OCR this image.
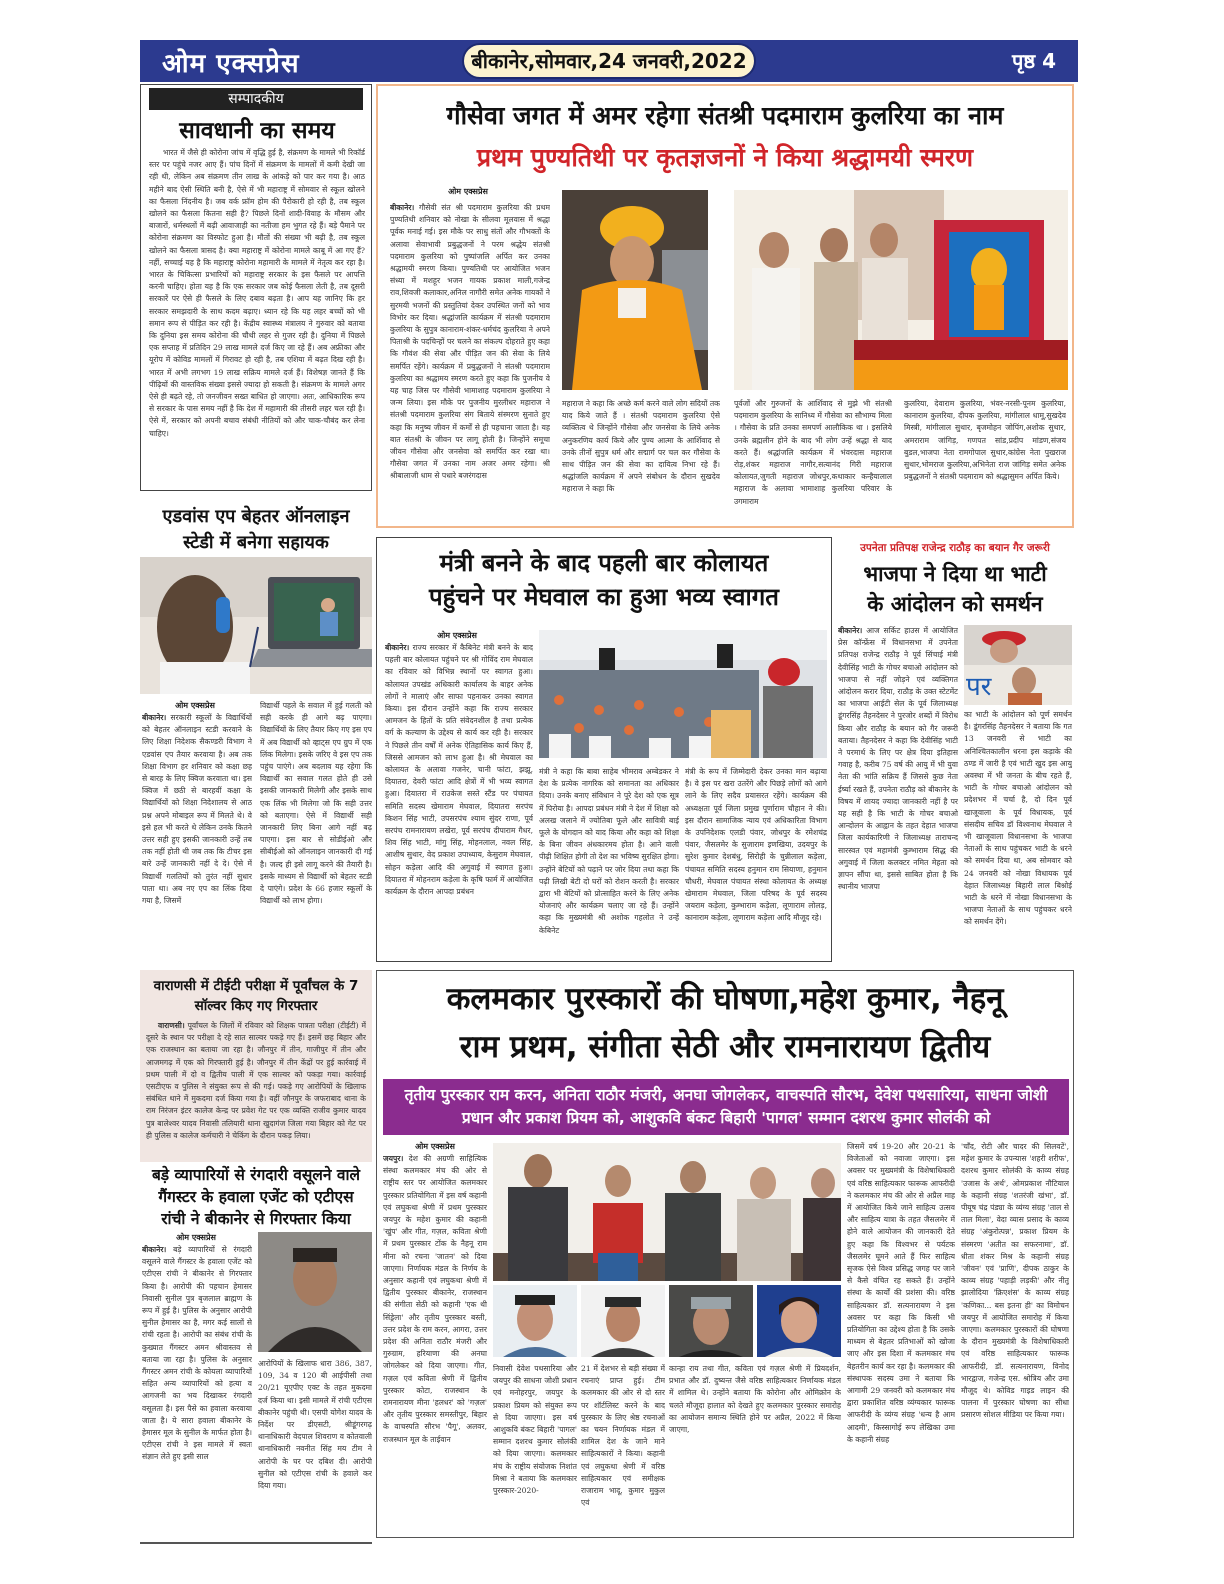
ओम एक्सप्रेस	बीकानेर,सोमवार,24 जनवरी,2022	पृष्ठ 4
सम्पादकीय
सावधानी का समय
भारत में जैसे ही कोरोना जांच में वृद्धि हुई है, संक्रमण के मामले भी रिकॉर्ड स्तर पर पहुंचे नजर आए हैं। पांच दिनों में संक्रमण के मामलों में कमी देखी जा रही थी, लेकिन अब संक्रमण तीन लाख के आंकड़े को पार कर गया है। आठ महीने बाद ऐसी स्थिति बनी है, ऐसे में भी महाराष्ट्र में सोमवार से स्कूल खोलने का फैसला निंदनीय है। जब वर्क फ्रॉम होम की पैरोकारी हो रही है, तब स्कूल खोलने का फैसला कितना सही है? पिछले दिनों शादी-विवाह के मौसम और बाजारों, धर्मस्थलों में बढ़ी आवाजाही का नतीजा हम भुगत रहे हैं। बड़े पैमाने पर कोरोना संक्रमण का विस्फोट हुआ है। मौतों की संख्या भी बढ़ी है, तब स्कूल खोलने का फैसला त्रासद है। क्या महाराष्ट्र में कोरोना मामले काबू में आ गए हैं? नहीं, सच्चाई यह है कि महाराष्ट्र कोरोना महामारी के मामले में नेतृत्व कर रहा है। भारत के चिकित्सा प्रभारियों को महाराष्ट्र सरकार के इस फैसले पर आपत्ति करनी चाहिए। होता यह है कि एक सरकार जब कोई फैसला लेती है, तब दूसरी सरकारें पर ऐसे ही फैसले के लिए दबाव बढ़ता है। आप यह जानिए कि हर सरकार समझदारी के साथ कदम बढ़ाए। ध्यान रहे कि यह लहर बच्चों को भी समान रूप से पीड़ित कर रही है। केंद्रीय स्वास्थ्य मंत्रालय ने गुरुवार को बताया कि दुनिया इस समय कोरोना की चौथी लहर से गुजर रही है। दुनिया में पिछले एक सप्ताह में प्रतिदिन 29 लाख मामले दर्ज किए जा रहे हैं। अब अफ्रीका और यूरोप में कोविड मामलों में गिरावट हो रही है, तब एशिया में बढ़त दिख रही है। भारत में अभी लगभग 19 लाख सक्रिय मामले दर्ज हैं। विशेषज्ञ जानते हैं कि पीढ़ियों की वास्तविक संख्या इससे ज्यादा हो सकती है। संक्रमण के मामले अगर ऐसे ही बढ़ते रहे, तो जनजीवन सख्त बाधित हो जाएगा। अतः, आधिकारिक रूप से सरकार के पास समय नहीं है कि देश में महामारी की तीसरी लहर चल रही है। ऐसे में, सरकार को अपनी बचाव संबंधी नीतियों को और चाक-चौबंद कर लेना चाहिए।
एडवांस एप बेहतर ऑनलाइन
स्टेडी में बनेगा सहायक
ओम एक्सप्रेस
बीकानेर। सरकारी स्कूलों के विद्यार्थियों को बेहतर ऑनलाइन स्टडी करवाने के लिए शिक्षा निदेशक सैकण्डरी विभाग ने एडवांस एप तैयार करवाया है। अब तक शिक्षा विभाग हर शनिवार को कक्षा छह से बारह के लिए क्विज करवाता था। इस क्विज में छठी से बारहवीं कक्षा के विद्यार्थियों को शिक्षा निदेशालय से आठ प्रश्न अपने मोबाइल रूप में मिलते थे। वे इसे हल भी करते थे लेकिन उनके कितने उत्तर सही हुए इसकी जानकारी उन्हें तब तक नहीं होती थी जब तक कि टीचर इस बारे उन्हें जानकारी नहीं दे दे। ऐसे में विद्यार्थी गलतियों को तुरंत नहीं सुधार पाता था। अब नए एप का लिंक दिया गया है, जिसमें
विद्यार्थी पहले के सवाल में हुई गलती को सही करके ही आगे बढ़ पाएगा। विद्यार्थियों के लिए तैयार किए गए इस एप में अब विद्यार्थी को व्हाट्स एप ग्रुप में एक लिंक मिलेगा। इसके जरिए वे इस एप तक पहुंच पाएंगे। अब बदलाव यह रहेगा कि विद्यार्थी का सवाल गलत होते ही उसे इसकी जानकारी मिलेगी और इसके साथ एक लिंक भी मिलेगा जो कि सही उत्तर को बताएगा। ऐसे में विद्यार्थी सही जानकारी लिए बिना आगे नहीं बढ़ पाएगा। इस बार से सोडीईओ और सीबीईओ को ऑनलाइन जानकारी दी गई है। जल्द ही इसे लागू करने की तैयारी है। इसके माध्यम से विद्यार्थी को बेहतर स्टडी दे पाएंगे। प्रदेश के 66 हजार स्कूलों के विद्यार्थी को लाभ होगा।
गौसेवा जगत में अमर रहेगा संतश्री पदमाराम कुलरिया का नाम
प्रथम पुण्यतिथी पर कृतज्ञजनों ने किया श्रद्धामयी स्मरण
ओम एक्सप्रेस
बीकानेर। गौसेवी संत श्री पदमाराम कुलरिया की प्रथम पुण्यतिथी शनिवार को नोखा के सीलवा मूलवास में श्रद्धा पूर्वक मनाई गई। इस मौके पर साधु संतों और गौभक्तों के अलावा सेवाभावी प्रबुद्धजनों ने परम श्रद्धेय संतश्री पदमाराम कुलरिया को पुष्पांजलि अर्पित कर उनका श्रद्धामयी स्मरण किया। पुण्यतिथी पर आयोजित भजन संध्या में मशहूर भजन गायक प्रकाश माली,गजेन्द्र राव,शिवजी कलाकार,अनिल नागौरी समेत अनेक गायकों ने सुरमयी भजनों की प्रस्तुतियां देकर उपस्थित जनों को भाव विभोर कर दिया। श्रद्धांजलि कार्यक्रम में संतश्री पदमाराम कुलरिया के सुपुत्र कानाराम-शंकर-धर्मचंद कुलरिया ने अपने पिताश्री के पदचिन्हों पर चलने का संकल्प दोहराते हुए कहा कि गौवंश की सेवा और पीड़ित जन की सेवा के लिये समर्पित रहेंगे। कार्यक्रम में प्रबुद्धजनों ने संतश्री पदमाराम कुलरिया का श्रद्धामय स्मरण करते हुए कहा कि पुजनीय वे यह चाह जिस पर गौसेवी भामाशाह पदमाराम कुलरिया ने जन्म लिया। इस मौके पर पुजनीय मुरलीधर महाराज ने संतश्री पदमाराम कुलरिया संग बिताये संस्मरण सुनाते हुए कहा कि मनुष्य जीवन में कर्मों से ही पहचाना जाता है। यह बात संतश्री के जीवन पर लागू होती है। जिन्होंने समूचा जीवन गौसेवा और जनसेवा को समर्पित कर रखा था। गौसेवा जगत में उनका नाम अजर अमर रहेगा। श्री श्रीबालाजी धाम से पधारे बजरंगदास
महाराज ने कहा कि अच्छे कर्म करने वाले लोग सदियों तक याद किये जाते हैं । संतश्री पदमाराम कुलरिया ऐसे व्यक्तित्व थे जिन्होंने गौसेवा और जनसेवा के लिये अनेक अनुकरणिय कार्य किये और पुण्य आत्मा के आर्शिवाद से उनके तीनों सुपुत्र धर्म और सद्मार्ग पर चल कर गौसेवा के साथ पीड़ित जन की सेवा का दायित्व निभा रहे हैं। श्रद्धांजलि कार्यक्रम में अपने संबोधन के दौरान सुखदेव महाराज ने कहा कि
पूर्वजों और गुरुजनों के आर्शिवाद से मुझे भी संतश्री पदमाराम कुलरिया के सानिध्य में गौसेवा का सौभाग्य मिला । गौसेवा के प्रति उनका समपर्ण आलौकिक था । इसलिये उनके ब्रह्मलीन होने के बाद भी लोग उन्हें श्रद्धा से याद करते हैं। श्रद्धांजलि कार्यक्रम में भंवरदास महाराज रोड़,शंकर महाराज नागौर,सत्यानंद गिरी महाराज कोलायत,जुगती महाराज जोधपुर,कथाकार कन्हैयालाल महाराज के अलावा भामाशाह कुलरिया परिवार के उगमाराम
कुलरिया, देवाराम कुलरिया, भंवर-नरसी-पूनम कुलरिया, कानाराम कुलरिया, दीपक कुलरिया, मांगीलाल धामू,सुखदेव मिस्त्री, मांगीलाल सुथार, बृजमोहन जोपिंग,अशोक सुथार, अमराराम जांगिड़, गणपत सांड,प्रदीप मांडण,संजय बुडल,भाजपा नेता रामगोपाल सुथार,कांग्रेस नेता पुखराज सुथार,भोमराज कुलरिया,अभिनेता राज जांगिड़ समेत अनेक प्रबुद्धजनों ने संतश्री पदमाराम को श्रद्धासुमन अर्पित किये।
मंत्री बनने के बाद पहली बार कोलायत
पहुंचने पर मेघवाल का हुआ भव्य स्वागत
ओम एक्सप्रेस
बीकानेर। राज्य सरकार में कैबिनेट मंत्री बनने के बाद पहली बार कोलायत पहुंचने पर श्री गोविंद राम मेघवाल का रविवार को विभिन्न स्थानों पर स्वागत हुआ। कोलायत उपखंड अधिकारी कार्यालय के बाहर अनेक लोगों ने मालाएं और साफा पहनाकर उनका स्वागत किया। इस दौरान उन्होंने कहा कि राज्य सरकार आमजन के हितों के प्रति संवेदनशील है तथा प्रत्येक वर्ग के कल्याण के उद्देश्य से कार्य कर रही है। सरकार ने पिछले तीन वर्षों में अनेक ऐतिहासिक कार्य किए हैं, जिससे आमजन को लाभ हुआ है। श्री मेघवाल का कोलायत के अलावा गजनेर, चानी फांटा, झझू, दियातरा, देवरी फांटा आदि क्षेत्रों में भी भव्य स्वागत हुआ। दियातरा में राउकेज सस्ते स्टैंड पर पंचायत समिति सदस्य खेमाराम मेघवाल, दियातरा सरपंच किशन सिंह भाटी, उपसरपंच श्याम सुंदर राणा, पूर्व सरपंच रामनारायण लखेरा, पूर्व सरपंच दीपाराम गैधर, शिव सिंह भाटी, मांगु सिंह, मोहनलाल, नवल सिंह, आशीष सुथार, वेद प्रकाश उपाध्याय, केसुराम मेघवाल, सोहन कड़ेला आदि की अगुवाई में स्वागत हुआ। दियातरा में मोहनराम कड़ेला के कृषि फार्म में आयोजित कार्यक्रम के दौरान आपदा प्रबंधन
मंत्री ने कहा कि बाबा साहेब भीमराव अम्बेडकर ने देश के प्रत्येक नागरिक को समानता का अधिकार दिया। उनके बनाए संविधान ने पूरे देश को एक सूत्र में पिरोया है। आपदा प्रबंधन मंत्री ने देश में शिक्षा को अलख जलाने में ज्योतिबा फूले और सावित्री बाई फूले के योगदान को याद किया और कहा को शिक्षा के बिना जीवन अंधकारमय होता है। आने वाली पीढ़ी शिक्षित होगी तो देश का भविष्य सुरक्षित होगा। उन्होंने बेटियों को पढ़ाने पर जोर दिया तथा कहा कि पढ़ी लिखी बेटी दो घरों को रोशन करती है। सरकार द्वारा भी बेटियों को प्रोत्साहित करने के लिए अनेक योजनाएं और कार्यक्रम चलाए जा रहे हैं। उन्होंने कहा कि मुख्यमंत्री श्री अशोक गहलोत ने उन्हें केबिनेट
मंत्री के रूप में जिम्मेदारी देकर उनका मान बढ़ाया है। वे इस पर खरा उतरेंगे और पिछड़े लोगों को आगे लाने के लिए सदैव प्रयासरत रहेंगे। कार्यक्रम की अध्यक्षता पूर्व जिला प्रमुख पूर्णाराम चौहान ने की। इस दौरान सामाजिक न्याय एवं अधिकारिता विभाग के उपनिदेशक एलडी पंवार, जोधपुर के रमेशचंद्र पंवार, जैसलमेर के सुजाराम इणखिया, उदयपुर के सुरेश कुमार देशबंधु, सिरोही के चुन्नीलाल कड़ेला, पंचायत समिति सदस्य हनुमान राम सियाणा, हनुमान चौधरी, मेघवाल पंचायत संस्था कोलायत के अध्यक्ष खेमाराम मेघवाल, जिला परिषद के पूर्व सदस्य जयराम कड़ेला, कुम्भाराम कड़ेला, लूणाराम लोलड़, कानाराम कड़ेला, लूणाराम कड़ेला आदि मौजूद रहे।
उपनेता प्रतिपक्ष राजेन्द्र राठौड़ का बयान गैर जरूरी
भाजपा ने दिया था भाटी
के आंदोलन को समर्थन
बीकानेर। आज सर्किट हाउस में आयोजित प्रेस कॉन्फ्रेंस में विधानसभा में उपनेता प्रतिपक्ष राजेन्द्र राठौड़ ने पूर्व सिंचाई मंत्री देवीसिंह भाटी के गोचर बचाओ आंदोलन को भाजपा से नहीं जोड़ने एवं व्यक्तिगत आंदोलन करार दिया, राठौड़ के उक्त स्टेटमेंट का भाजपा आईटी सेल के पूर्व जिलाध्यक्ष डूंगरसिंह तैहनदेसर ने पुरजोर शब्दों में विरोध किया और राठौड़ के बयान को गैर जरूरी बताया। तैहनदेसर ने कहा कि देवीसिंह भाटी ने परमार्थ के लिए पर क्षेत्र दिया इतिहास गवाह है, करीब 75 वर्ष की आयु में भी युवा नेता की भांति सक्रिय हैं जिससे कुछ नेता ईर्ष्या रखते हैं, उपनेता राठौड़ को बीकानेर के विषय में शायद ज्यादा जानकारी नहीं है पर यह सही है कि भाटी के गोचर बचाओ आन्दोलन के आह्वान के तहत देहात भाजपा जिला कार्यकारिणी ने जिलाध्यक्ष ताराचन्द सारस्वत एवं महामंत्री कुम्भाराम सिद्ध की अगुवाई में जिला कलक्टर नमित मेहता को ज्ञापन सौंपा था, इससे साबित होता है कि स्थानीय भाजपा
पर
का भाटी के आंदोलन को पूर्ण समर्थन है। डूंगरसिंह तैहनदेसर ने बताया कि गत 13 जनवरी से भाटी का अनिश्चितकालीन धरना इस कड़ाके की ठण्ड में जारी है एवं भाटी खुद इस आयु अवस्था में भी जनता के बीच रहते हैं, भाटी के गोचर बचाओ आंदोलन को प्रदेशभर में चर्चा है, दो दिन पूर्व खाजूवाला के पूर्व विधायक, पूर्व संसदीय सचिव डॉ विश्वनाथ मेघवाल ने भी खाजूवाला विधानसभा के भाजपा नेताओं के साथ पहुंचकर भाटी के धरने को समर्थन दिया था, अब सोमवार को 24 जनवरी को नोखा विधायक पूर्व देहात जिलाध्यक्ष बिहारी लाल बिश्नोई भाटी के धरने में नोखा विधानसभा के भाजपा नेताओं के साथ पहुंचकर धरने को समर्थन देंगे।
वाराणसी में टीईटी परीक्षा में पूर्वांचल के 7
सॉल्वर किए गए गिरफ्तार
वाराणसी। पूर्वांचल के जिलों में रविवार को शिक्षक पात्रता परीक्षा (टीईटी) में दूसरे के स्थान पर परीक्षा दे रहे सात साल्वर पकड़े गए हैं। इसमें छह बिहार और एक राजस्थान का बताया जा रहा है। जौनपुर में तीन, गाजीपुर में तीन और आजमगढ़ में एक को गिरफ्तारी हुई है। जौनपुर में तीन केंद्रों पर हुई कार्रवाई में प्रथम पाली में दो व द्वितीय पाली में एक साल्वर को पकड़ा गया। कार्रवाई एसटीएफ व पुलिस ने संयुक्त रूप से की गई। पकड़े गए आरोपियों के खिलाफ संबंधित थाने में मुकदमा दर्ज किया गया है। वहीं जौनपुर के जफराबाद थाना के राम निरंजन इंटर कालेज केन्द्र पर प्रवेश गेट पर एक व्यक्ति राजीव कुमार यादव पुत्र बालेश्वर यादव निवासी तलियारी थाना खुदागंज जिला गया बिहार को गेट पर ही पुलिस व कालेज कर्मचारी ने चेकिंग के दौरान पकड़ लिया।
बड़े व्यापारियों से रंगदारी वसूलने वाले
गैंगस्टर के हवाला एजेंट को एटीएस
रांची ने बीकानेर से गिरफ्तार किया
ओम एक्सप्रेस
बीकानेर। बड़े व्यापारियों से रंगदारी वसूलने वाले गैंगस्टर के हवाला एजेंट को एटीएस रांची ने बीकानेर से गिरफ्तार किया है। आरोपी की पहचान हेमासर निवासी सुनील पुत्र बृजलाल ब्राह्मण के रूप में हुई है। पुलिस के अनुसार आरोपी सुनील हेमासर का है, मगर कई सालों से रांची रहता है। आरोपी का संबंध रांची के कुख्यात गैंगस्टर अमन श्रीवास्तव से बताया जा रहा है। पुलिस के अनुसार गैंगस्टर अमन रांची के कोयला व्यापारियों सहित अन्य व्यापारियों को हत्या व आगजनी का भय दिखाकर रंगदारी वसूलता है। इस पैसे का हवाला करवाया जाता है। ये सारा हवाला बीकानेर के हेमासर मूल के सुनील के मार्फत होता है। एटीएस रांची ने इस मामले में स्वतः संज्ञान लेते हुए इसी साल
आरोपियों के खिलाफ धारा 386, 387, 109, 34 व 120 बी आईपीसी तथा 20/21 यूएपीए एक्ट के तहत मुकदमा दर्ज किया था। इसी मामले में रांची एटीएस बीकानेर पहुंची थी। एसपी योगेश यादव के निर्देश पर डीएसटी, श्रीडूंगरगढ़ थानाधिकारी वेदपाल शिवराण व कोतवाली थानाधिकारी नवनीत सिंह मय टीम ने आरोपी के घर पर दबिश दी। आरोपी सुनील को एटीएस रांची के हवाले कर दिया गया।
कलमकार पुरस्कारों की घोषणा,महेश कुमार, नैहनू
राम प्रथम, संगीता सेठी और रामनारायण द्वितीय
तृतीय पुरस्कार राम करन, अनिता राठौर मंजरी, अनघा जोगलेकर, वाचस्पति सौरभ, देवेश पथसारिया, साधना जोशी प्रधान और प्रकाश प्रियम को, आशुकवि बंकट बिहारी 'पागल' सम्मान दशरथ कुमार सोलंकी को
ओम एक्सप्रेस
जयपुर। देश की अग्रणी साहित्यिक संस्था कलमकार मंच की ओर से राष्ट्रीय स्तर पर आयोजित कलमकार पुरस्कार प्रतियोगिता में इस वर्ष कहानी एवं लघुकथा श्रेणी में प्रथम पुरस्कार जयपुर के महेश कुमार की कहानी 'खुंप' और गीत, गज़ल, कविता श्रेणी में प्रथम पुरस्कार टोंक के नैहनू राम मीना को रचना 'जातन' को दिया जाएगा। निर्णायक मंडल के निर्णय के अनुसार कहानी एवं लघुकथा श्रेणी में द्वितीय पुरस्कार बीकानेर, राजस्थान की संगीता सेठी को कहानी 'एक थी सिंड्रेला' और तृतीय पुरस्कार बस्ती, उत्तर प्रदेश के राम करन, आगरा, उत्तर प्रदेश की अनिता राठौर मंजरी और गुरुग्राम, हरियाणा की अनघा जोगलेकर को दिया जाएगा। गीत, गज़ल एवं कविता श्रेणी में द्वितीय पुरस्कार कोटा, राजस्थान के रामनारायण मीना 'हलधर' को 'गज़ल' और तृतीय पुरस्कार समस्तीपुर, बिहार के वाचस्पति सौरभ 'पैगू', अलवर, राजस्थान मूल के ताईवान
निवासी देवेश पथसारिया और जयपुर की साधना जोशी प्रधान एवं मनोहरपुर, जयपुर के प्रकाश प्रियम को संयुक्त रूप से दिया जाएगा। इस वर्ष आशुकवि बंकट बिहारी 'पागल' सम्मान दशरथ कुमार सोलंकी को दिया जाएगा। कलमकार मंच के राष्ट्रीय संयोजक निशांत मिश्रा ने बताया कि कलमकार पुरस्कार-2020-
21 में देशभर से बड़ी संख्या में रचनाएं प्राप्त हुई। टीम कलमकार की ओर से दो स्तर पर शॉर्टलिस्ट करने के बाद पुरस्कार के लिए श्रेष्ठ रचनाओं का चयन निर्णायक मंडल में शामिल देश के जाने माने साहित्यकारों ने किया। कहानी एवं लघुकथा श्रेणी में वरिष्ठ साहित्यकार एवं समीक्षक राजाराम भादू, कुमार मुकुल एवं
कान्हा राय तथा गीत, कविता एवं गज़ल श्रेणी में प्रियदर्शन, प्रभात और डॉ. दुष्यन्त जैसे वरिष्ठ साहित्यकार निर्णायक मंडल में शामिल थे। उन्होंने बताया कि कोरोना और ओमिक्रोन के चलते मौजूदा हालात को देखते हुए कलमकार पुरस्कार समारोह का आयोजन समान्य स्थिति होने पर अप्रैल, 2022 में किया जाएगा,
जिसमें वर्ष 19-20 और 20-21 के विजेताओं को नवाजा जाएगा। इस अवसर पर मुख्यमंत्री के विशेषाधिकारी एवं वरिष्ठ साहित्यकार फारूक आफरीदी ने कलमकार मंच की ओर से अप्रैल माह में आयोजित किये जाने साहित्य उत्सव और साहित्य यात्रा के तहत जैसलमेर में होने वाले आयोजन की जानकारी देते हुए कहा कि विश्वभर से पर्यटक जैसलमेर घूमने आते हैं फिर साहित्य सृजक ऐसे विश्व प्रसिद्ध जगह पर जाने से कैसे वंचित रह सकते हैं। उन्होंने संस्था के कार्यों की प्रशंसा की। वरिष्ठ साहित्यकार डॉ. सत्यनारायण ने इस अवसर पर कहा कि किसी भी प्रतियोगिता का उद्देश्य होता है कि उसके माध्यम से बेहतर प्रतिभाओं को खोजा जाए और इस दिशा में कलमकार मंच बेहतरीन कार्य कर रहा है। कलमकार की संस्थापक सदस्य उमा ने बताया कि आगामी 29 जनवरी को कलमकार मंच द्वारा प्रकाशित वरिष्ठ व्यंग्यकार फारूक आफरीदी के व्यंग्य संग्रह 'धन्य है आम आदमी', किस्सागोई रूप लेखिका उमा के कहानी संग्रह
'चाँद, रोटी और चादर की सिलवटें', महेश कुमार के उपन्यास 'शहरी शरीफ', दशरथ कुमार सोलंकी के काव्य संग्रह 'उजास के अर्थ', ओमप्रकाश नौटियाल के कहानी संग्रह 'शतरंजी खंभा', डॉ. पीयूष चंद्र पंड्या के व्यंग्य संग्रह 'ताल से ताल मिला', वेदा व्यास प्रसाद के काव्य संग्रह 'अंकुरोत्पन्न', प्रकाश प्रियम के संस्मरण 'अतीत का सफरनामा', डॉ. धीता शंकर मिश्र के कहानी संग्रह 'जीवन' एवं 'प्राणि', दीपक ठाकुर के काव्य संग्रह 'पहाड़ी लड़की' और नीतू झालोदिया 'क्रिएशंस' के काव्य संग्रह 'कणिका... बस इतना ही' का विमोचन जयपुर में आयोजित समारोह में किया जाएगा। कलमकार पुरस्कारों की घोषणा के दौरान मुख्यमंत्री के विशेषाधिकारी एवं वरिष्ठ साहित्यकार फारूक आफरीदी, डॉ. सत्यनारायण, विनोद भारद्वाज, गजेन्द्र एस. श्रोत्रिय और उमा मौजूद थे। कोविड गाइड लाइन की पालना में पुरस्कार घोषणा का सीधा प्रसारण सोशल मीडिया पर किया गया।
